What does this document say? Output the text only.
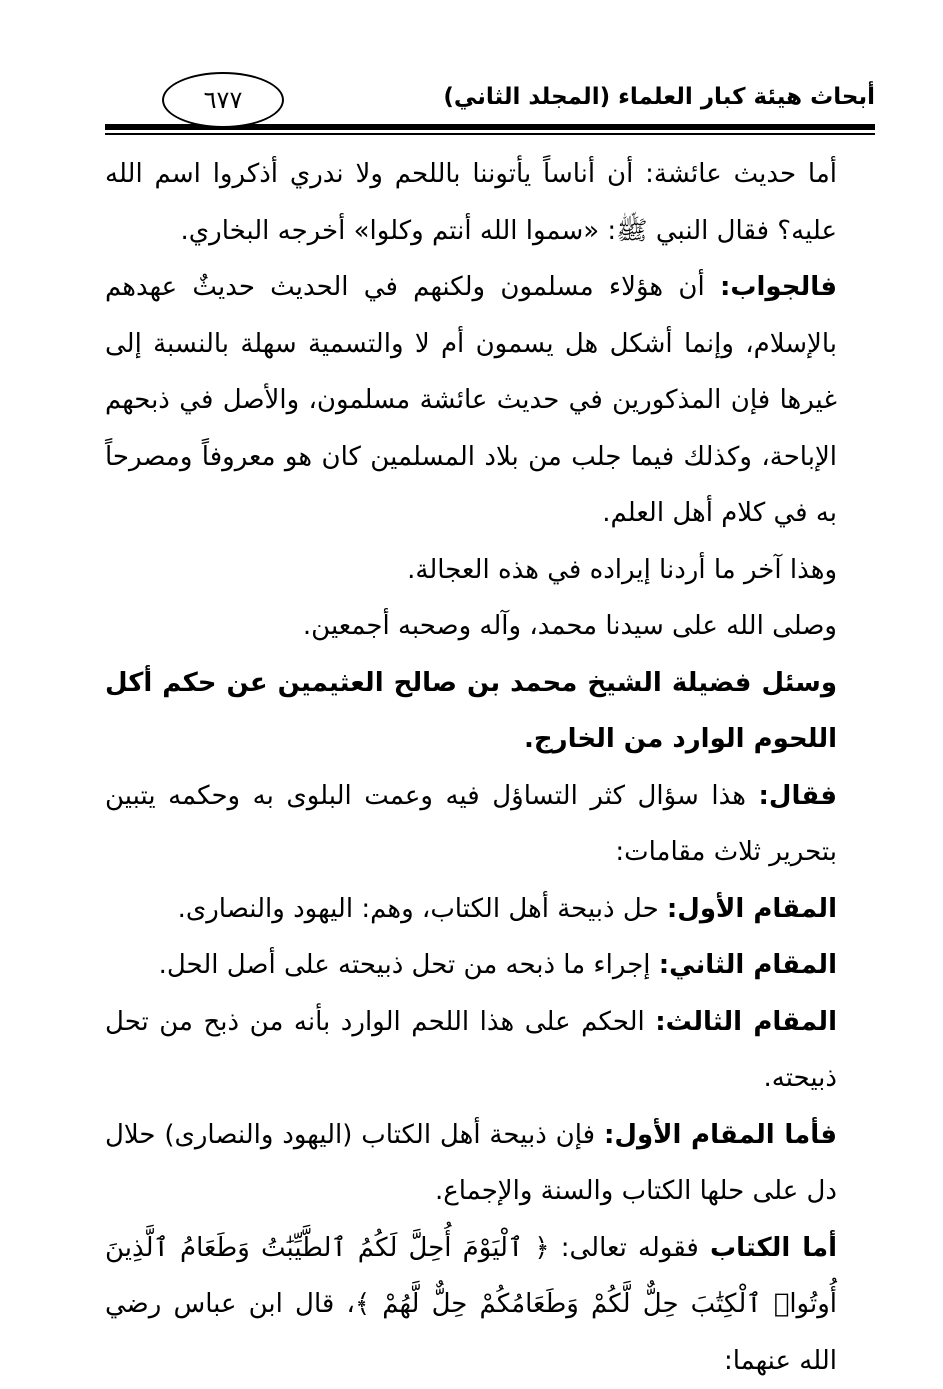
٦٧٧	أبحاث هيئة كبار العلماء (المجلد الثاني)

أما حديث عائشة: أن أناساً يأتوننا باللحم ولا ندري أذكروا اسم الله عليه؟ فقال النبي ﷺ: «سموا الله أنتم وكلوا» أخرجه البخاري.

فالجواب: أن هؤلاء مسلمون ولكنهم في الحديث حديثٌ عهدهم بالإسلام، وإنما أشكل هل يسمون أم لا والتسمية سهلة بالنسبة إلى غيرها فإن المذكورين في حديث عائشة مسلمون، والأصل في ذبحهم الإباحة، وكذلك فيما جلب من بلاد المسلمين كان هو معروفاً ومصرحاً به في كلام أهل العلم.

وهذا آخر ما أردنا إيراده في هذه العجالة.

وصلى الله على سيدنا محمد، وآله وصحبه أجمعين.

وسئل فضيلة الشيخ محمد بن صالح العثيمين عن حكم أكل اللحوم الوارد من الخارج.

فقال: هذا سؤال كثر التساؤل فيه وعمت البلوى به وحكمه يتبين بتحرير ثلاث مقامات:

المقام الأول: حل ذبيحة أهل الكتاب، وهم: اليهود والنصارى.

المقام الثاني: إجراء ما ذبحه من تحل ذبيحته على أصل الحل.

المقام الثالث: الحكم على هذا اللحم الوارد بأنه من ذبح من تحل ذبيحته.

فأما المقام الأول: فإن ذبيحة أهل الكتاب (اليهود والنصارى) حلال دل على حلها الكتاب والسنة والإجماع.

أما الكتاب فقوله تعالى: ﴿ ٱلْيَوْمَ أُحِلَّ لَكُمُ ٱلطَّيِّبَٰتُ وَطَعَامُ ٱلَّذِينَ أُوتُوا۟ ٱلْكِتَٰبَ حِلٌّ لَّكُمْ وَطَعَامُكُمْ حِلٌّ لَّهُمْ ﴾، قال ابن عباس رضي الله عنهما:
